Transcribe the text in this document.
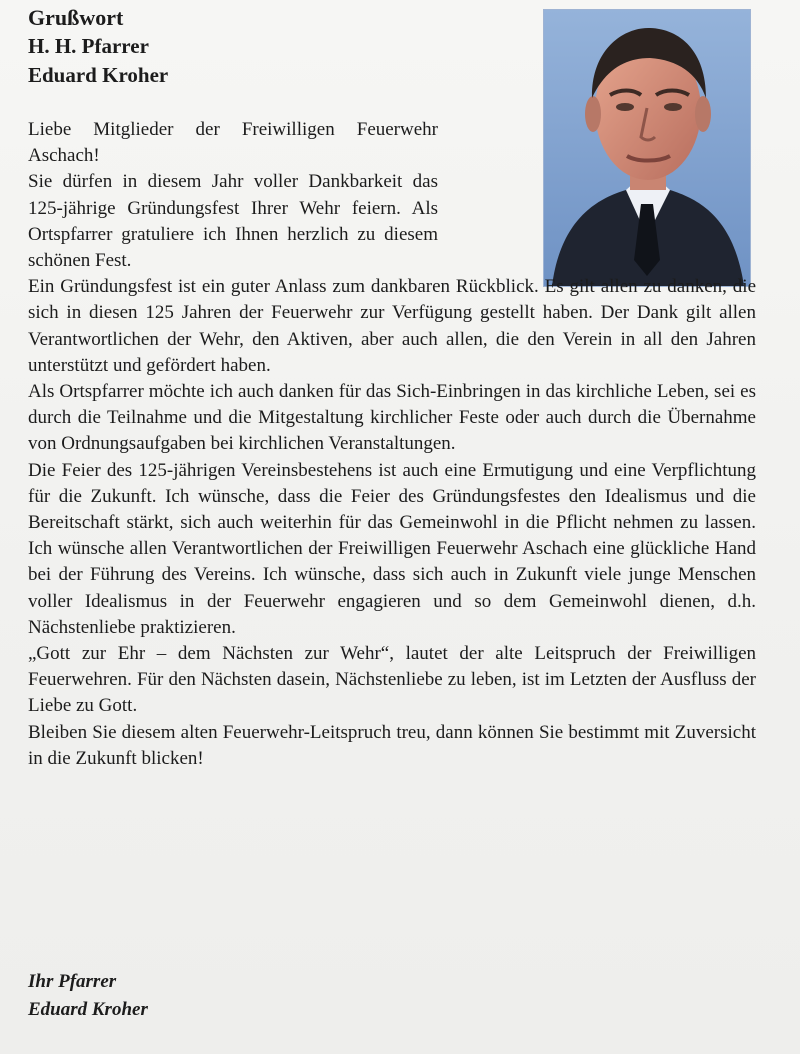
Grußwort
H. H. Pfarrer
Eduard Kroher

Liebe Mitglieder der Freiwilligen Feuerwehr Aschach!

Sie dürfen in diesem Jahr voller Dankbarkeit das 125-jährige Gründungsfest Ihrer Wehr feiern. Als Ortspfarrer gratuliere ich Ihnen herzlich zu diesem schönen Fest.

Ein Gründungsfest ist ein guter Anlass zum dankbaren Rückblick. Es gilt allen zu danken, die sich in diesen 125 Jahren der Feuerwehr zur Verfügung gestellt haben. Der Dank gilt allen Verantwortlichen der Wehr, den Aktiven, aber auch allen, die den Verein in all den Jahren unterstützt und gefördert haben.

Als Ortspfarrer möchte ich auch danken für das Sich-Einbringen in das kirchliche Leben, sei es durch die Teilnahme und die Mitgestaltung kirchlicher Feste oder auch durch die Übernahme von Ordnungsaufgaben bei kirchlichen Veranstaltungen.

Die Feier des 125-jährigen Vereinsbestehens ist auch eine Ermutigung und eine Verpflichtung für die Zukunft. Ich wünsche, dass die Feier des Gründungsfestes den Idealismus und die Bereitschaft stärkt, sich auch weiterhin für das Gemeinwohl in die Pflicht nehmen zu lassen. Ich wünsche allen Verantwortlichen der Freiwilligen Feuerwehr Aschach eine glückliche Hand bei der Führung des Vereins. Ich wünsche, dass sich auch in Zukunft viele junge Menschen voller Idealismus in der Feuerwehr engagieren und so dem Gemeinwohl dienen, d.h. Nächstenliebe praktizieren.

„Gott zur Ehr – dem Nächsten zur Wehr“, lautet der alte Leitspruch der Freiwilligen Feuerwehren. Für den Nächsten dasein, Nächstenliebe zu leben, ist im Letzten der Ausfluss der Liebe zu Gott.

Bleiben Sie diesem alten Feuerwehr-Leitspruch treu, dann können Sie bestimmt mit Zuversicht in die Zukunft blicken!

Ihr Pfarrer
Eduard Kroher
